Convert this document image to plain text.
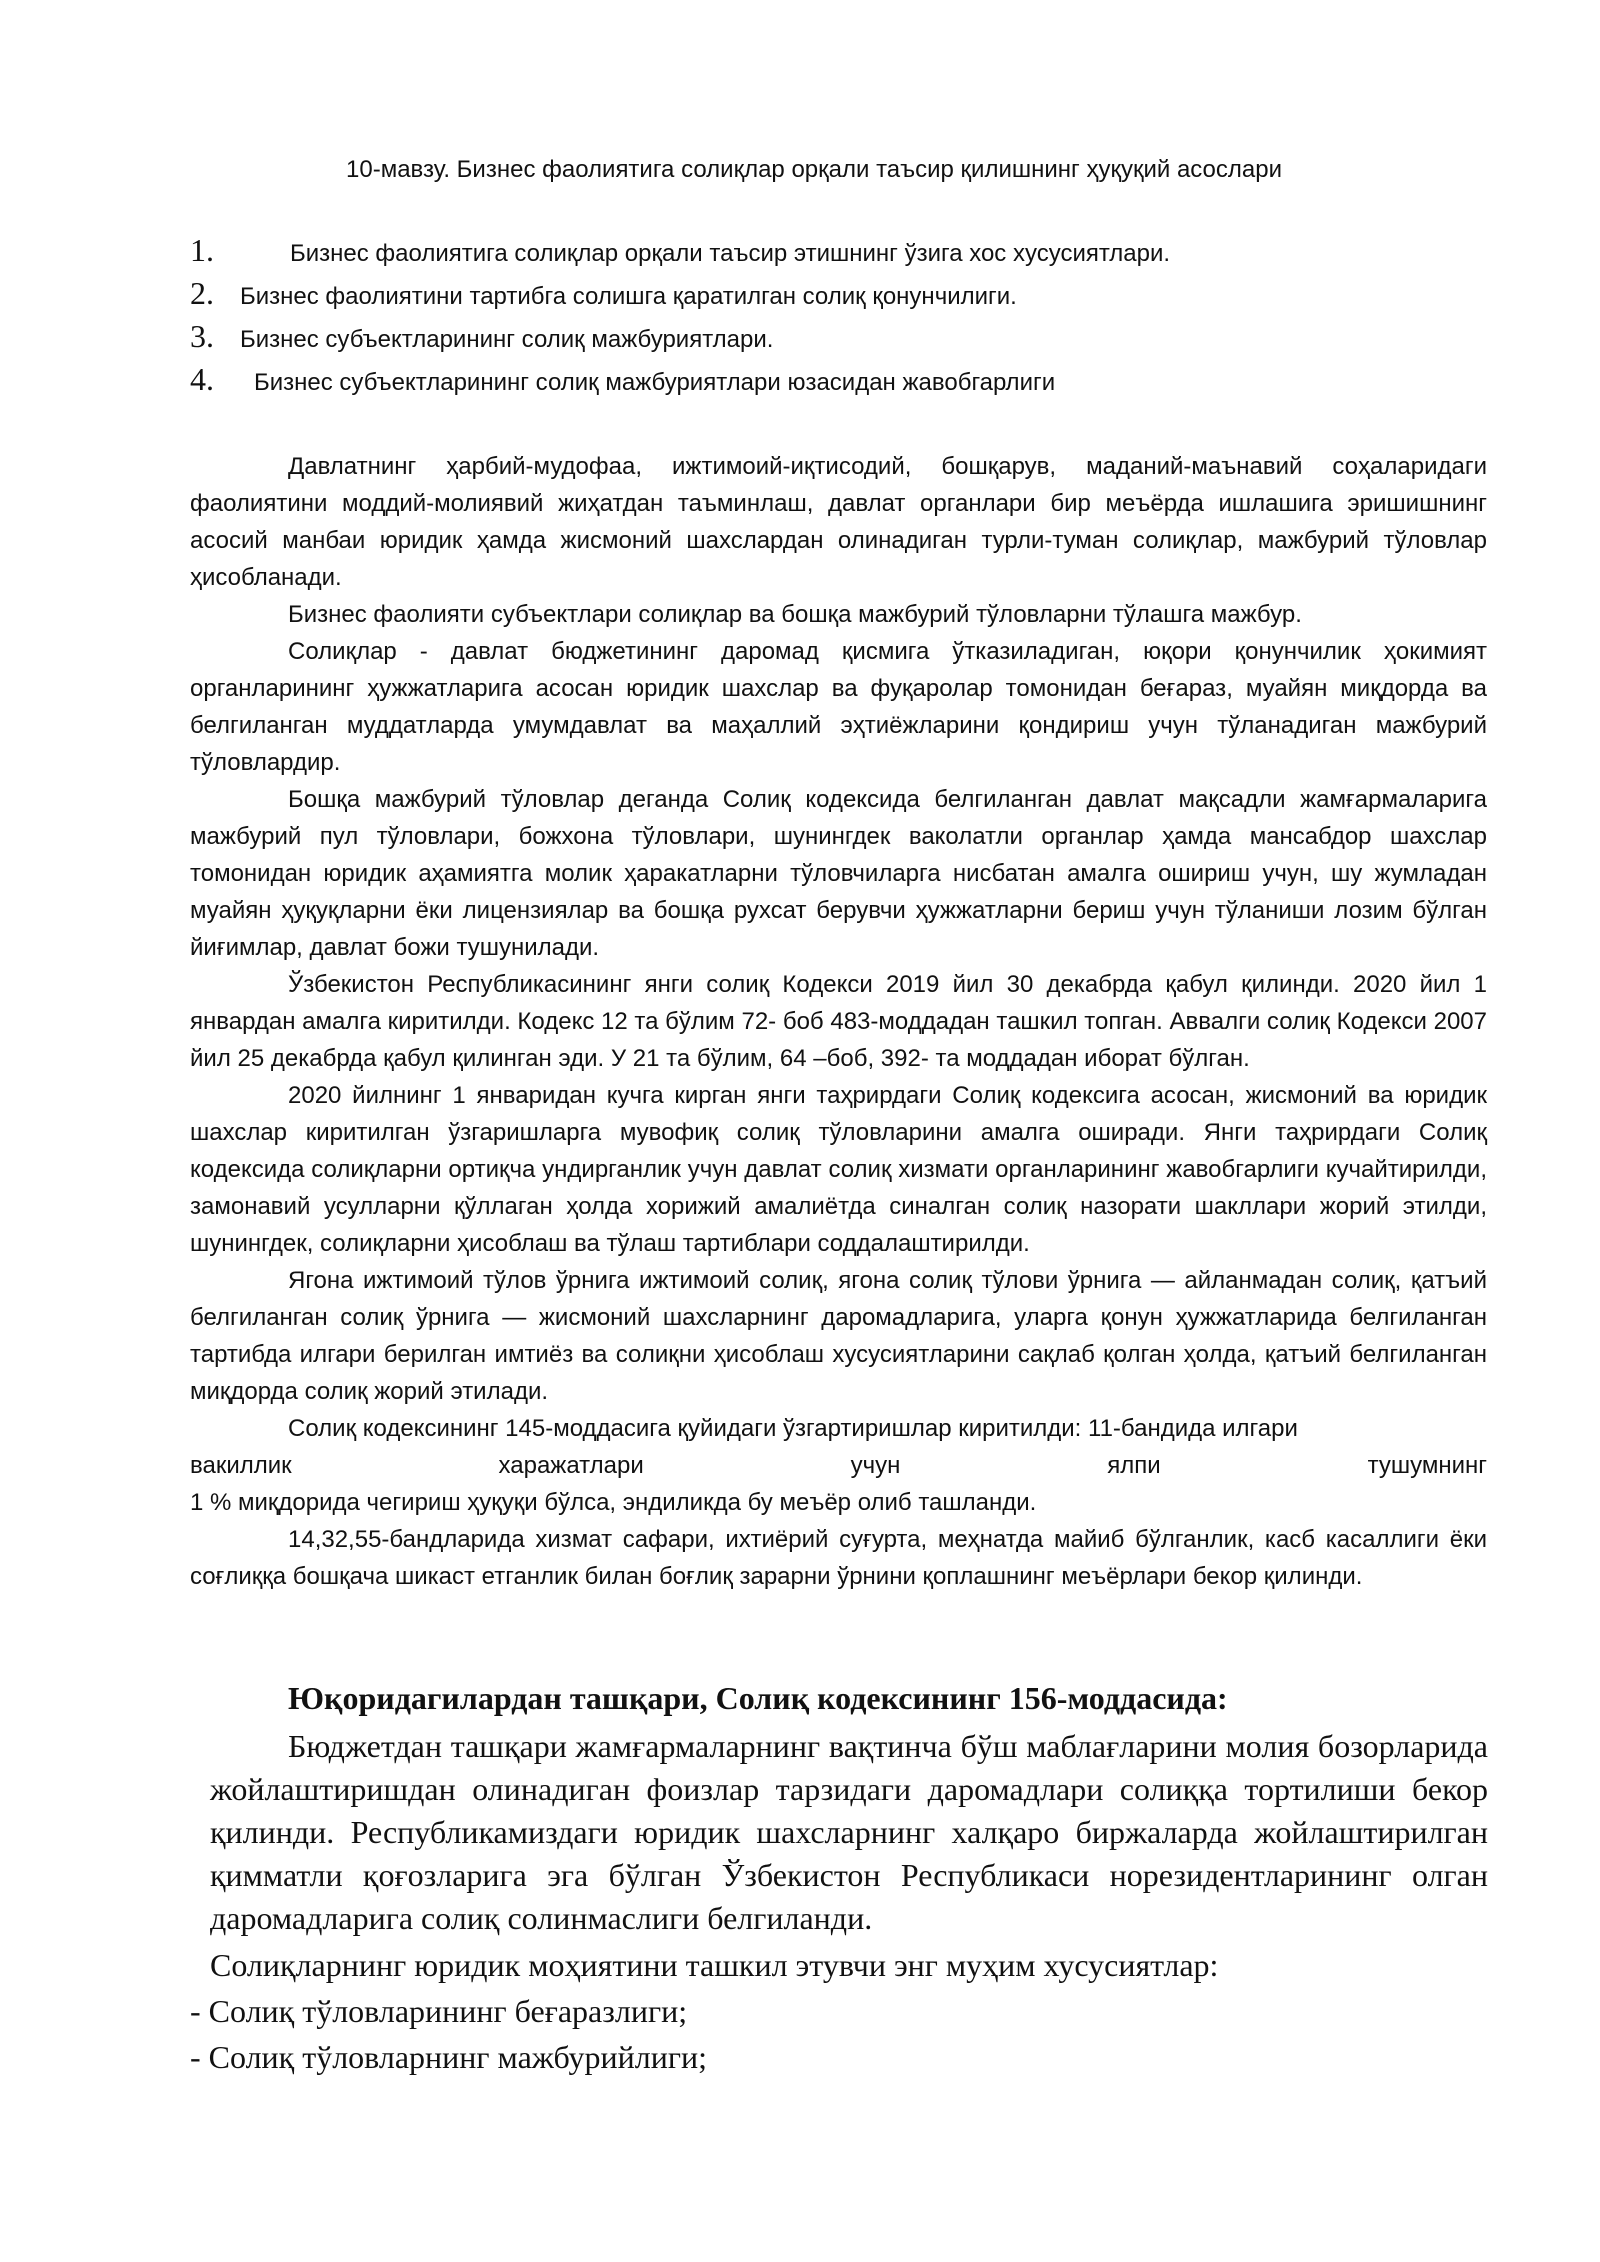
10-мавзу. Бизнес фаолиятига солиқлар орқали таъсир қилишнинг ҳуқуқий асослари
1.	Бизнес фаолиятига солиқлар орқали таъсир этишнинг ўзига хос хусусиятлари.
2.	Бизнес фаолиятини тартибга солишга қаратилган солиқ қонунчилиги.
3.	Бизнес субъектларининг солиқ мажбуриятлари.
4.	Бизнес субъектларининг солиқ мажбуриятлари юзасидан жавобгарлиги

Давлатнинг ҳарбий-мудофаа, ижтимоий-иқтисодий, бошқарув, маданий-маънавий соҳаларидаги фаолиятини моддий-молиявий жиҳатдан таъминлаш, давлат органлари бир меъёрда ишлашига эришишнинг асосий манбаи юридик ҳамда жисмоний шахслардан олинадиган турли-туман солиқлар, мажбурий тўловлар ҳисобланади.

Бизнес фаолияти субъектлари солиқлар ва бошқа мажбурий тўловларни тўлашга мажбур.

Солиқлар - давлат бюджетининг даромад қисмига ўтказиладиган, юқори қонунчилик ҳокимият органларининг ҳужжатларига асосан юридик шахслар ва фуқаролар томонидан беғараз, муайян миқдорда ва белгиланган муддатларда умумдавлат ва маҳаллий эҳтиёжларини қондириш учун тўланадиган мажбурий тўловлардир.

Бошқа мажбурий тўловлар деганда Солиқ кодексида белгиланган давлат мақсадли жамғармаларига мажбурий пул тўловлари, божхона тўловлари, шунингдек ваколатли органлар ҳамда мансабдор шахслар томонидан юридик аҳамиятга молик ҳаракатларни тўловчиларга нисбатан амалга ошириш учун, шу жумладан муайян ҳуқуқларни ёки лицензиялар ва бошқа рухсат берувчи ҳужжатларни бериш учун тўланиши лозим бўлган йиғимлар, давлат божи тушунилади.

Ўзбекистон Республикасининг янги солиқ Кодекси 2019 йил 30 декабрда қабул қилинди. 2020 йил 1 январдан амалга киритилди. Кодекс 12 та бўлим 72- боб 483-моддадан ташкил топган. Аввалги солиқ Кодекси 2007 йил 25 декабрда қабул қилинган эди. У 21 та бўлим, 64 –боб, 392- та моддадан иборат бўлган.

2020 йилнинг 1 январидан кучга кирган янги таҳрирдаги Солиқ кодексига асосан, жисмоний ва юридик шахслар киритилган ўзгаришларга мувофиқ солиқ тўловларини амалга оширади. Янги таҳрирдаги Солиқ кодексида солиқларни ортиқча ундирганлик учун давлат солиқ хизмати органларининг жавобгарлиги кучайтирилди, замонавий усулларни қўллаган ҳолда хорижий амалиётда синалган солиқ назорати шакллари жорий этилди, шунингдек, солиқларни ҳисоблаш ва тўлаш тартиблари соддалаштирилди.

Ягона ижтимоий тўлов ўрнига ижтимоий солиқ, ягона солиқ тўлови ўрнига — айланмадан солиқ, қатъий белгиланган солиқ ўрнига — жисмоний шахсларнинг даромадларига, уларга қонун ҳужжатларида белгиланган тартибда илгари берилган имтиёз ва солиқни ҳисоблаш хусусиятларини сақлаб қолган ҳолда, қатъий белгиланган миқдорда солиқ жорий этилади.

Солиқ кодексининг 145-моддасига қуйидаги ўзгартиришлар киритилди: 11-бандида илгари

вакиллик харажатлари учун ялпи тушумнинг

1 % миқдорида чегириш ҳуқуқи бўлса, эндиликда бу меъёр олиб ташланди.

14,32,55-бандларида хизмат сафари, ихтиёрий суғурта, меҳнатда майиб бўлганлик, касб касаллиги ёки соғлиққа бошқача шикаст етганлик билан боғлиқ зарарни ўрнини қоплашнинг меъёрлари бекор қилинди.

Юқоридагилардан ташқари, Солиқ кодексининг 156-моддасида:

Бюджетдан ташқари жамғармаларнинг вақтинча бўш маблағларини молия бозорларида жойлаштиришдан олинадиган фоизлар тарзидаги даромадлари солиққа тортилиши бекор қилинди. Республикамиздаги юридик шахсларнинг халқаро биржаларда жойлаштирилган қимматли қоғозларига эга бўлган Ўзбекистон Республикаси норезидентларининг олган даромадларига солиқ солинмаслиги белгиланди.

Солиқларнинг юридик моҳиятини ташкил этувчи энг муҳим хусусиятлар:

- Солиқ тўловларининг беғаразлиги;

- Солиқ тўловларнинг мажбурийлиги;
